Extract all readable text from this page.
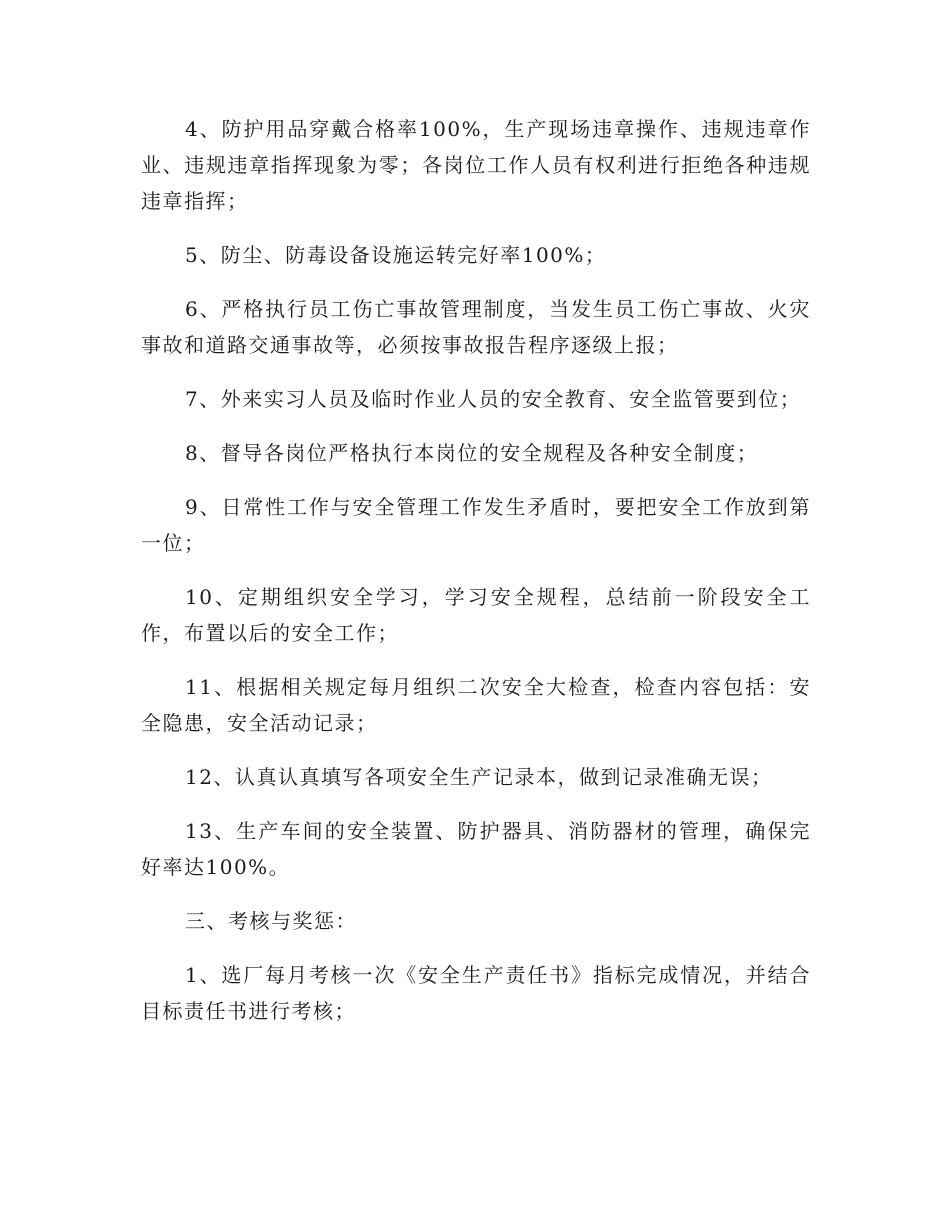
4、防护用品穿戴合格率100%，生产现场违章操作、违规违章作业、违规违章指挥现象为零；各岗位工作人员有权利进行拒绝各种违规违章指挥；

5、防尘、防毒设备设施运转完好率100%；

6、严格执行员工伤亡事故管理制度，当发生员工伤亡事故、火灾事故和道路交通事故等，必须按事故报告程序逐级上报；

7、外来实习人员及临时作业人员的安全教育、安全监管要到位；

8、督导各岗位严格执行本岗位的安全规程及各种安全制度；

9、日常性工作与安全管理工作发生矛盾时，要把安全工作放到第一位；

10、定期组织安全学习，学习安全规程，总结前一阶段安全工作，布置以后的安全工作；

11、根据相关规定每月组织二次安全大检查，检查内容包括：安全隐患，安全活动记录；

12、认真认真填写各项安全生产记录本，做到记录准确无误；

13、生产车间的安全装置、防护器具、消防器材的管理，确保完好率达100%。

三、考核与奖惩：

1、选厂每月考核一次《安全生产责任书》指标完成情况，并结合目标责任书进行考核；
